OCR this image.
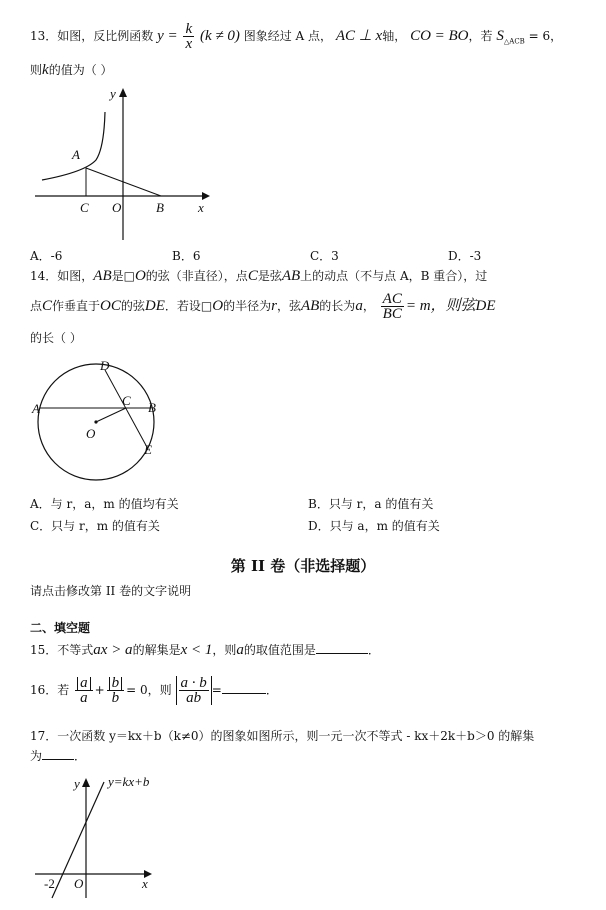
13．如图，反比例函数 $y = \frac{k}{x} (k \ne 0)$ 图象经过 A 点， AC ⊥ x轴， CO = BO，若 $S_{\triangle ACB} = 6$，
则k的值为（ ）
y
A
C O	B	x
A．-6	B．6	C．3	D．-3
14．如图，AB是□O的弦（非直径），点C是弦AB上的动点（不与点 A，B 重合），过
点C作垂直于OC的弦DE．若设□O的半径为r，弦AB的长为a， $\frac{AC}{BC} = m$，则弦DE
的长（ ）
D
A
C B
O
E
A．与 r，a，m 的值均有关	B．只与 r，a 的值有关
C．只与 r，m 的值有关	D．只与 a，m 的值有关
第 II 卷（非选择题）
请点击修改第 II 卷的文字说明
二、填空题
15．不等式ax > a的解集是x < 1，则a的取值范围是	．
16．若 $\frac{a}{a} + \frac{b}{b} = 0$，则 $\frac{a \cdot b}{ab}$ =	．
17．一次函数 y＝kx＋b（k≠0）的图象如图所示，则一元一次不等式 - kx＋2k＋b＞0 的解集
为	．
y y=kx+b
-2 O	x
